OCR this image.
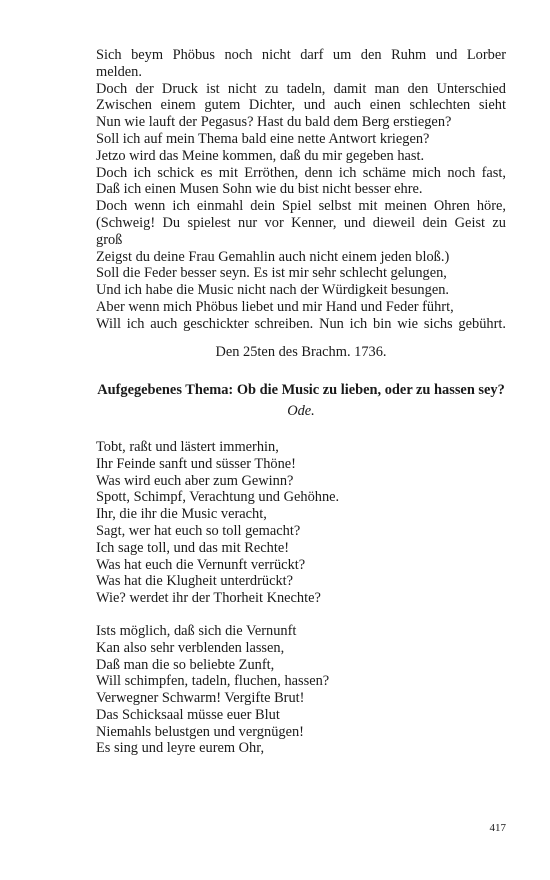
Sich beym Phöbus noch nicht darf um den Ruhm und Lorber
melden.
Doch der Druck ist nicht zu tadeln, damit man den Unterschied
Zwischen einem gutem Dichter, und auch einen schlechten sieht
Nun wie lauft der Pegasus? Hast du bald dem Berg erstiegen?
Soll ich auf mein Thema bald eine nette Antwort kriegen?
Jetzo wird das Meine kommen, daß du mir gegeben hast.
Doch ich schick es mit Erröthen, denn ich schäme mich noch fast,
Daß ich einen Musen Sohn wie du bist nicht besser ehre.
Doch wenn ich einmahl dein Spiel selbst mit meinen Ohren höre,
(Schweig! Du spielest nur vor Kenner, und dieweil dein Geist zu
groß
Zeigst du deine Frau Gemahlin auch nicht einem jeden bloß.)
Soll die Feder besser seyn. Es ist mir sehr schlecht gelungen,
Und ich habe die Music nicht nach der Würdigkeit besungen.
Aber wenn mich Phöbus liebet und mir Hand und Feder führt,
Will ich auch geschickter schreiben. Nun ich bin wie sichs gebührt.
Den 25ten des Brachm. 1736.
Aufgegebenes Thema: Ob die Music zu lieben, oder zu hassen sey?
Ode.
Tobt, raßt und lästert immerhin,
Ihr Feinde sanft und süsser Thöne!
Was wird euch aber zum Gewinn?
Spott, Schimpf, Verachtung und Gehöhne.
Ihr, die ihr die Music veracht,
Sagt, wer hat euch so toll gemacht?
Ich sage toll, und das mit Rechte!
Was hat euch die Vernunft verrückt?
Was hat die Klugheit unterdrückt?
Wie? werdet ihr der Thorheit Knechte?
Ists möglich, daß sich die Vernunft
Kan also sehr verblenden lassen,
Daß man die so beliebte Zunft,
Will schimpfen, tadeln, fluchen, hassen?
Verwegner Schwarm! Vergifte Brut!
Das Schicksaal müsse euer Blut
Niemahls belustgen und vergnügen!
Es sing und leyre eurem Ohr,
417
